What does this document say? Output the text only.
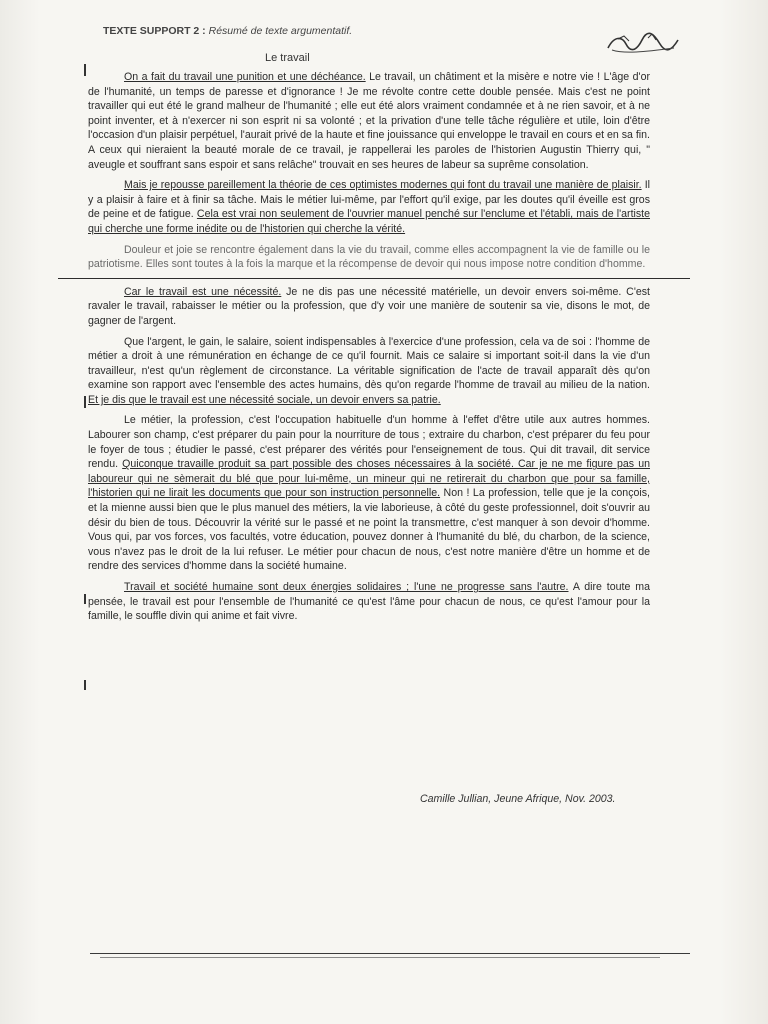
TEXTE SUPPORT 2 : Résumé de texte argumentatif.
Le travail

On a fait du travail une punition et une déchéance. Le travail, un châtiment et la misère e notre vie ! L'âge d'or de l'humanité, un temps de paresse et d'ignorance ! Je me révolte contre cette double pensée. Mais c'est ne point travailler qui eut été le grand malheur de l'humanité ; elle eut été alors vraiment condamnée et à ne rien savoir, et à ne point inventer, et à n'exercer ni son esprit ni sa volonté ; et la privation d'une telle tâche régulière et utile, loin d'être l'occasion d'un plaisir perpétuel, l'aurait privé de la haute et fine jouissance qui enveloppe le travail en cours et en sa fin. A ceux qui nieraient la beauté morale de ce travail, je rappellerai les paroles de l'historien Augustin Thierry qui, " aveugle et souffrant sans espoir et sans relâche" trouvait en ses heures de labeur sa suprême consolation.

Mais je repousse pareillement la théorie de ces optimistes modernes qui font du travail une manière de plaisir. Il y a plaisir à faire et à finir sa tâche. Mais le métier lui-même, par l'effort qu'il exige, par les doutes qu'il éveille est gros de peine et de fatigue. Cela est vrai non seulement de l'ouvrier manuel penché sur l'enclume et l'établi, mais de l'artiste qui cherche une forme inédite ou de l'historien qui cherche la vérité.

Douleur et joie se rencontre également dans la vie du travail, comme elles accompagnent la vie de famille ou le patriotisme. Elles sont toutes à la fois la marque et la récompense de devoir qui nous impose notre condition d'homme.

Car le travail est une nécessité. Je ne dis pas une nécessité matérielle, un devoir envers soi-même. C'est ravaler le travail, rabaisser le métier ou la profession, que d'y voir une manière de soutenir sa vie, disons le mot, de gagner de l'argent.

Que l'argent, le gain, le salaire, soient indispensables à l'exercice d'une profession, cela va de soi : l'homme de métier a droit à une rémunération en échange de ce qu'il fournit. Mais ce salaire si important soit-il dans la vie d'un travailleur, n'est qu'un règlement de circonstance. La véritable signification de l'acte de travail apparaît dès qu'on examine son rapport avec l'ensemble des actes humains, dès qu'on regarde l'homme de travail au milieu de la nation. Et je dis que le travail est une nécessité sociale, un devoir envers sa patrie.

Le métier, la profession, c'est l'occupation habituelle d'un homme à l'effet d'être utile aux autres hommes. Labourer son champ, c'est préparer du pain pour la nourriture de tous ; extraire du charbon, c'est préparer du feu pour le foyer de tous ; étudier le passé, c'est préparer des vérités pour l'enseignement de tous. Qui dit travail, dit service rendu. Quiconque travaille produit sa part possible des choses nécessaires à la société. Car je ne me figure pas un laboureur qui ne sèmerait du blé que pour lui-même, un mineur qui ne retirerait du charbon que pour sa famille, l'historien qui ne lirait les documents que pour son instruction personnelle. Non ! La profession, telle que je la conçois, et la mienne aussi bien que le plus manuel des métiers, la vie laborieuse, à côté du geste professionnel, doit s'ouvrir au désir du bien de tous. Découvrir la vérité sur le passé et ne point la transmettre, c'est manquer à son devoir d'homme. Vous qui, par vos forces, vos facultés, votre éducation, pouvez donner à l'humanité du blé, du charbon, de la science, vous n'avez pas le droit de la lui refuser. Le métier pour chacun de nous, c'est notre manière d'être un homme et de rendre des services d'homme dans la société humaine.

Travail et société humaine sont deux énergies solidaires ; l'une ne progresse sans l'autre. A dire toute ma pensée, le travail est pour l'ensemble de l'humanité ce qu'est l'âme pour chacun de nous, ce qu'est l'amour pour la famille, le souffle divin qui anime et fait vivre.

Camille Jullian, Jeune Afrique, Nov. 2003.
